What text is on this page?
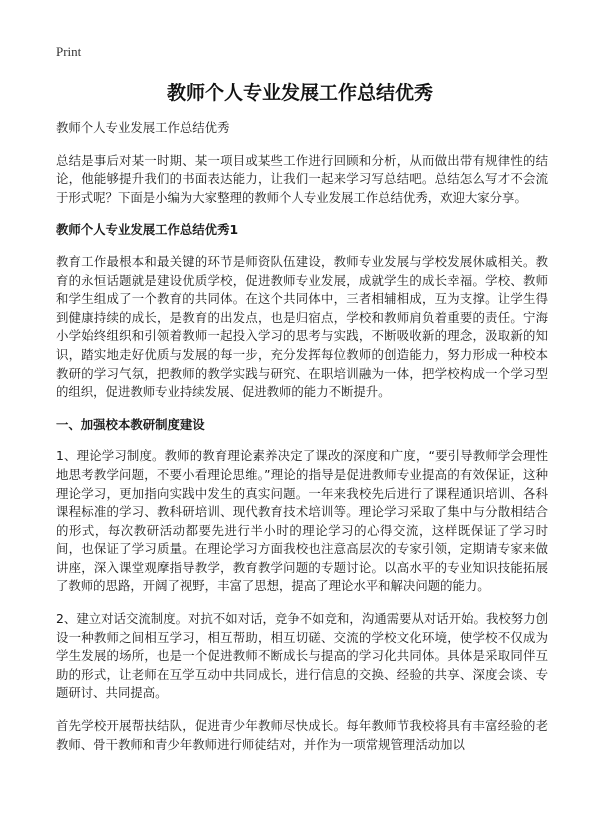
Print
教师个人专业发展工作总结优秀

教师个人专业发展工作总结优秀

总结是事后对某一时期、某一项目或某些工作进行回顾和分析，从而做出带有规律性的结论，他能够提升我们的书面表达能力，让我们一起来学习写总结吧。总结怎么写才不会流于形式呢？下面是小编为大家整理的教师个人专业发展工作总结优秀，欢迎大家分享。

教师个人专业发展工作总结优秀1

教育工作最根本和最关键的环节是师资队伍建设，教师专业发展与学校发展休戚相关。教育的永恒话题就是建设优质学校，促进教师专业发展，成就学生的成长幸福。学校、教师和学生组成了一个教育的共同体。在这个共同体中，三者相辅相成，互为支撑。让学生得到健康持续的成长，是教育的出发点，也是归宿点，学校和教师肩负着重要的责任。宁海小学始终组织和引领着教师一起投入学习的思考与实践，不断吸收新的理念，汲取新的知识，踏实地走好优质与发展的每一步，充分发挥每位教师的创造能力，努力形成一种校本教研的学习气氛，把教师的教学实践与研究、在职培训融为一体，把学校构成一个学习型的组织，促进教师专业持续发展、促进教师的能力不断提升。

一、加强校本教研制度建设

1、理论学习制度。教师的教育理论素养决定了课改的深度和广度，“要引导教师学会理性地思考教学问题，不要小看理论思维。”理论的指导是促进教师专业提高的有效保证，这种理论学习，更加指向实践中发生的真实问题。一年来我校先后进行了课程通识培训、各科课程标准的学习、教科研培训、现代教育技术培训等。理论学习采取了集中与分散相结合的形式，每次教研活动都要先进行半小时的理论学习的心得交流，这样既保证了学习时间，也保证了学习质量。在理论学习方面我校也注意高层次的专家引领，定期请专家来做讲座，深入课堂观摩指导教学，教育教学问题的专题讨论。以高水平的专业知识技能拓展了教师的思路，开阔了视野，丰富了思想，提高了理论水平和解决问题的能力。

2、建立对话交流制度。对抗不如对话，竞争不如竞和，沟通需要从对话开始。我校努力创设一种教师之间相互学习，相互帮助，相互切磋、交流的学校文化环境，使学校不仅成为学生发展的场所，也是一个促进教师不断成长与提高的学习化共同体。具体是采取同伴互助的形式，让老师在互学互动中共同成长，进行信息的交换、经验的共享、深度会谈、专题研讨、共同提高。

首先学校开展帮扶结队，促进青少年教师尽快成长。每年教师节我校将具有丰富经验的老教师、骨干教师和青少年教师进行师徒结对，并作为一项常规管理活动加以
